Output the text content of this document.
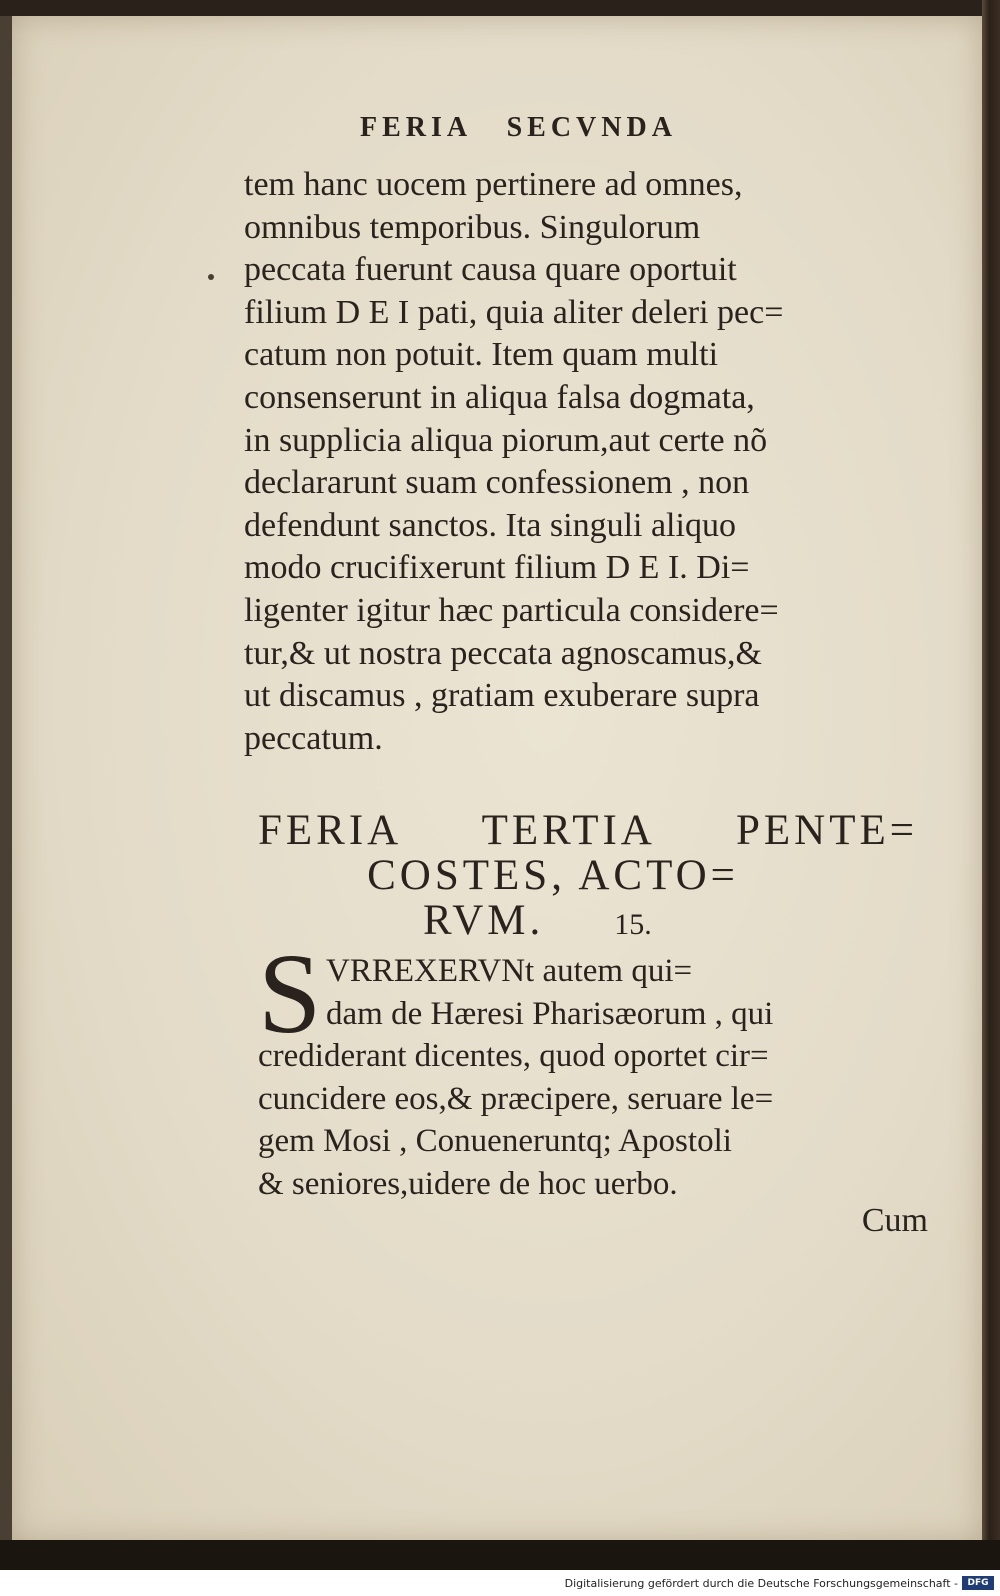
FERIA   SECVNDA
tem hanc uocem pertinere ad omnes,
omnibus temporibus. Singulorum
peccata fuerunt causa quare oportuit
filium D E I pati, quia aliter deleri pec=
catum non potuit. Item quam multi
consenserunt in aliqua falsa dogmata,
in supplicia aliqua piorum,aut certe nõ
declararunt suam confessionem , non
defendunt sanctos. Ita singuli aliquo
modo crucifixerunt filium D E I. Di=
ligenter igitur hæc particula considere=
tur,& ut nostra peccata agnoscamus,&
ut discamus , gratiam exuberare supra
peccatum.
FERIA TERTIA PENTE=
COSTES, ACTO=
RVM. 15.
S VRREXERVNt autem qui=
dam de Hæresi Pharisæorum , qui
crediderant dicentes, quod oportet cir=
cuncidere eos,& præcipere, seruare le=
gem Mosi , Conueneruntq; Apostoli
& seniores,uidere de hoc uerbo.
Cum
Digitalisierung gefördert durch die Deutsche Forschungsgemeinschaft -	DFG
